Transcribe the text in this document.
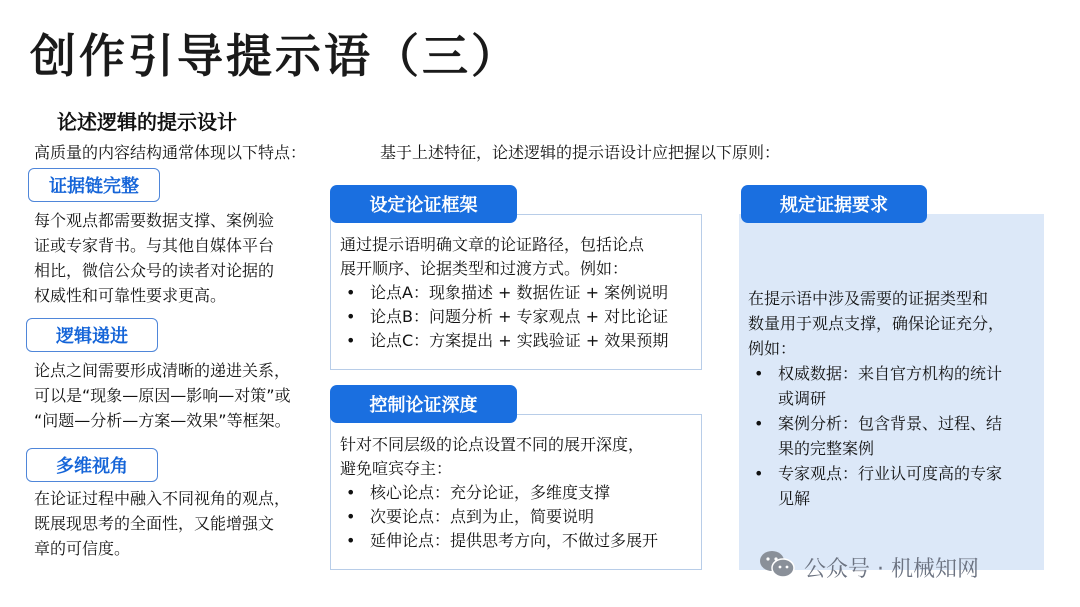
创作引导提示语（三）
论述逻辑的提示设计
高质量的内容结构通常体现以下特点：	基于上述特征，论述逻辑的提示语设计应把握以下原则：
证据链完整
每个观点都需要数据支撑、案例验
证或专家背书。与其他自媒体平台
相比，微信公众号的读者对论据的
权威性和可靠性要求更高。
逻辑递进
论点之间需要形成清晰的递进关系，
可以是“现象—原因—影响—对策”或
“问题—分析—方案—效果”等框架。
多维视角
在论证过程中融入不同视角的观点，
既展现思考的全面性，又能增强文
章的可信度。
设定论证框架
通过提示语明确文章的论证路径，包括论点
展开顺序、论据类型和过渡方式。例如：
• 论点A：现象描述 + 数据佐证 + 案例说明
• 论点B：问题分析 + 专家观点 + 对比论证
• 论点C：方案提出 + 实践验证 + 效果预期
控制论证深度
针对不同层级的论点设置不同的展开深度，
避免喧宾夺主：
• 核心论点：充分论证，多维度支撑
• 次要论点：点到为止，简要说明
• 延伸论点：提供思考方向，不做过多展开
规定证据要求
在提示语中涉及需要的证据类型和
数量用于观点支撑，确保论证充分，
例如：
• 权威数据：来自官方机构的统计
或调研
• 案例分析：包含背景、过程、结
果的完整案例
• 专家观点：行业认可度高的专家
见解
公众号 · 机械知网
